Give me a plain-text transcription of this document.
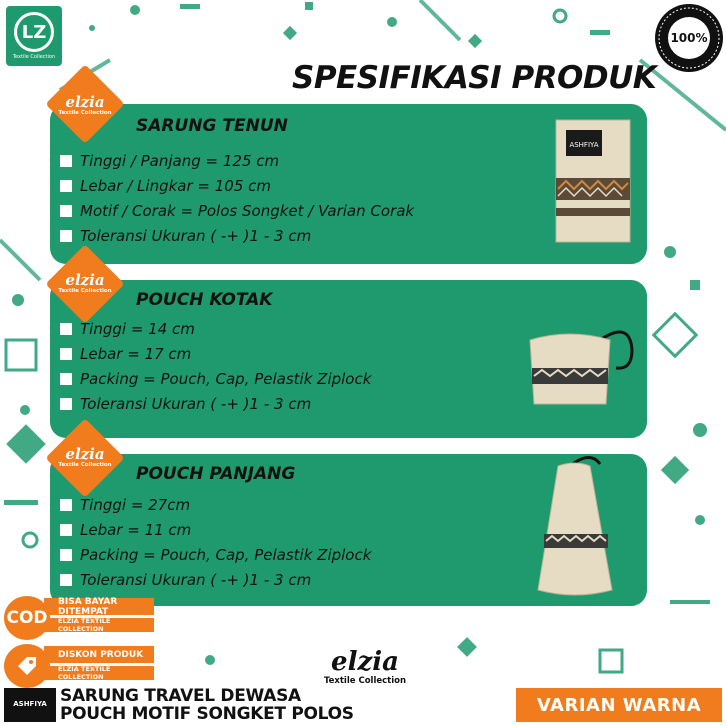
LZ
Textile Collection
100%
SPESIFIKASI PRODUK
elzia
Textile Collection
SARUNG TENUN
Tinggi / Panjang = 125 cm
Lebar / Lingkar = 105 cm
Motif / Corak = Polos Songket / Varian Corak
Toleransi Ukuran ( -+ )1 - 3 cm
ASHFIYA
elzia
Textile Collection POUCH KOTAK
Tinggi = 14 cm
Lebar = 17 cm
Packing = Pouch, Cap, Pelastik Ziplock
Toleransi Ukuran ( -+ )1 - 3 cm
elzia
Textile Collection POUCH PANJANG
Tinggi = 27cm
Lebar = 11 cm
Packing = Pouch, Cap, Pelastik Ziplock
Toleransi Ukuran ( -+ )1 - 3 cm
BISA BAYAR DITEMPAT
ELZIA TEXTILE COLLECTION
COD
DISKON PRODUK
ELZIA TEXTILE COLLECTION	elzia
Textile Collection
ASHFIYA SARUNG TRAVEL DEWASA
POUCH MOTIF SONGKET POLOS	VARIAN WARNA
